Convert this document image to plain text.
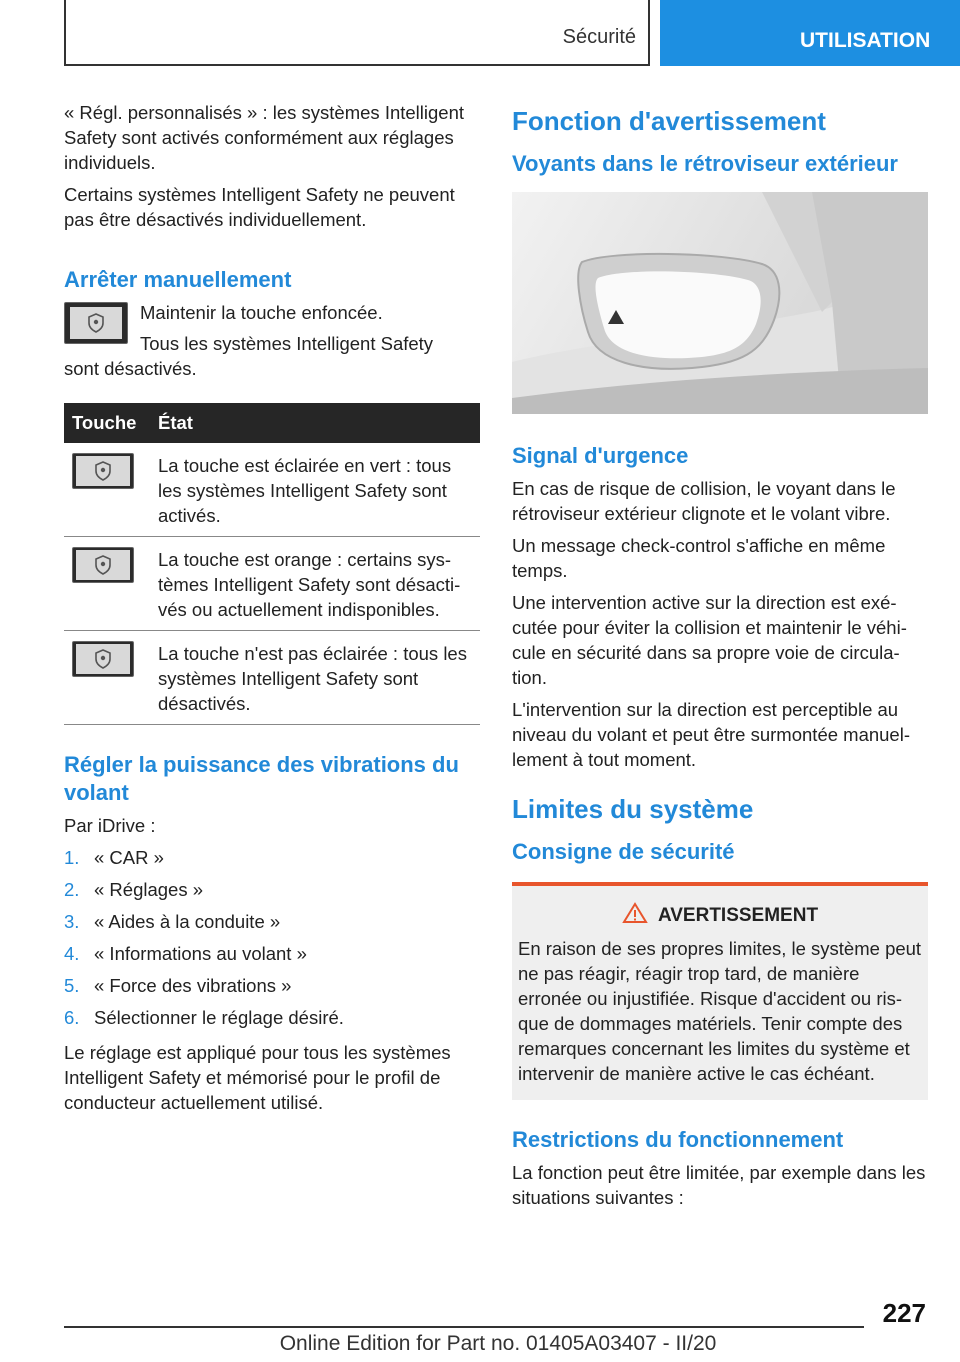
Sécurité	UTILISATION

« Régl. personnalisés » : les systèmes Intelligent Safety sont activés conformément aux réglages individuels.

Certains systèmes Intelligent Safety ne peuvent pas être désactivés individuellement.

Arrêter manuellement

Maintenir la touche enfoncée.

Tous les systèmes Intelligent Safety

sont désactivés.

Touche	État

	La touche est éclairée en vert : tous les systèmes Intelligent Safety sont activés.

	La touche est orange : certains sys-tèmes Intelligent Safety sont désacti-vés ou actuellement indisponibles.

	La touche n'est pas éclairée : tous les systèmes Intelligent Safety sont désactivés.
Régler la puissance des vibrations du volant

Par iDrive :

1. « CAR »
2. « Réglages »
3. « Aides à la conduite »
4. « Informations au volant »
5. « Force des vibrations »
6. Sélectionner le réglage désiré.

Le réglage est appliqué pour tous les systèmes Intelligent Safety et mémorisé pour le profil de conducteur actuellement utilisé.

Fonction d'avertissement
Voyants dans le rétroviseur extérieur
Signal d'urgence

En cas de risque de collision, le voyant dans le rétroviseur extérieur clignote et le volant vibre.

Un message check-control s'affiche en même temps.

Une intervention active sur la direction est exé-cutée pour éviter la collision et maintenir le véhi-cule en sécurité dans sa propre voie de circula-tion.

L'intervention sur la direction est perceptible au niveau du volant et peut être surmontée manuel-lement à tout moment.

Limites du système
Consigne de sécurité
AVERTISSEMENT

En raison de ses propres limites, le système peut ne pas réagir, réagir trop tard, de manière erronée ou injustifiée. Risque d'accident ou ris-que de dommages matériels. Tenir compte des remarques concernant les limites du système et intervenir de manière active le cas échéant.

Restrictions du fonctionnement

La fonction peut être limitée, par exemple dans les situations suivantes :

227
Online Edition for Part no. 01405A03407 - II/20
